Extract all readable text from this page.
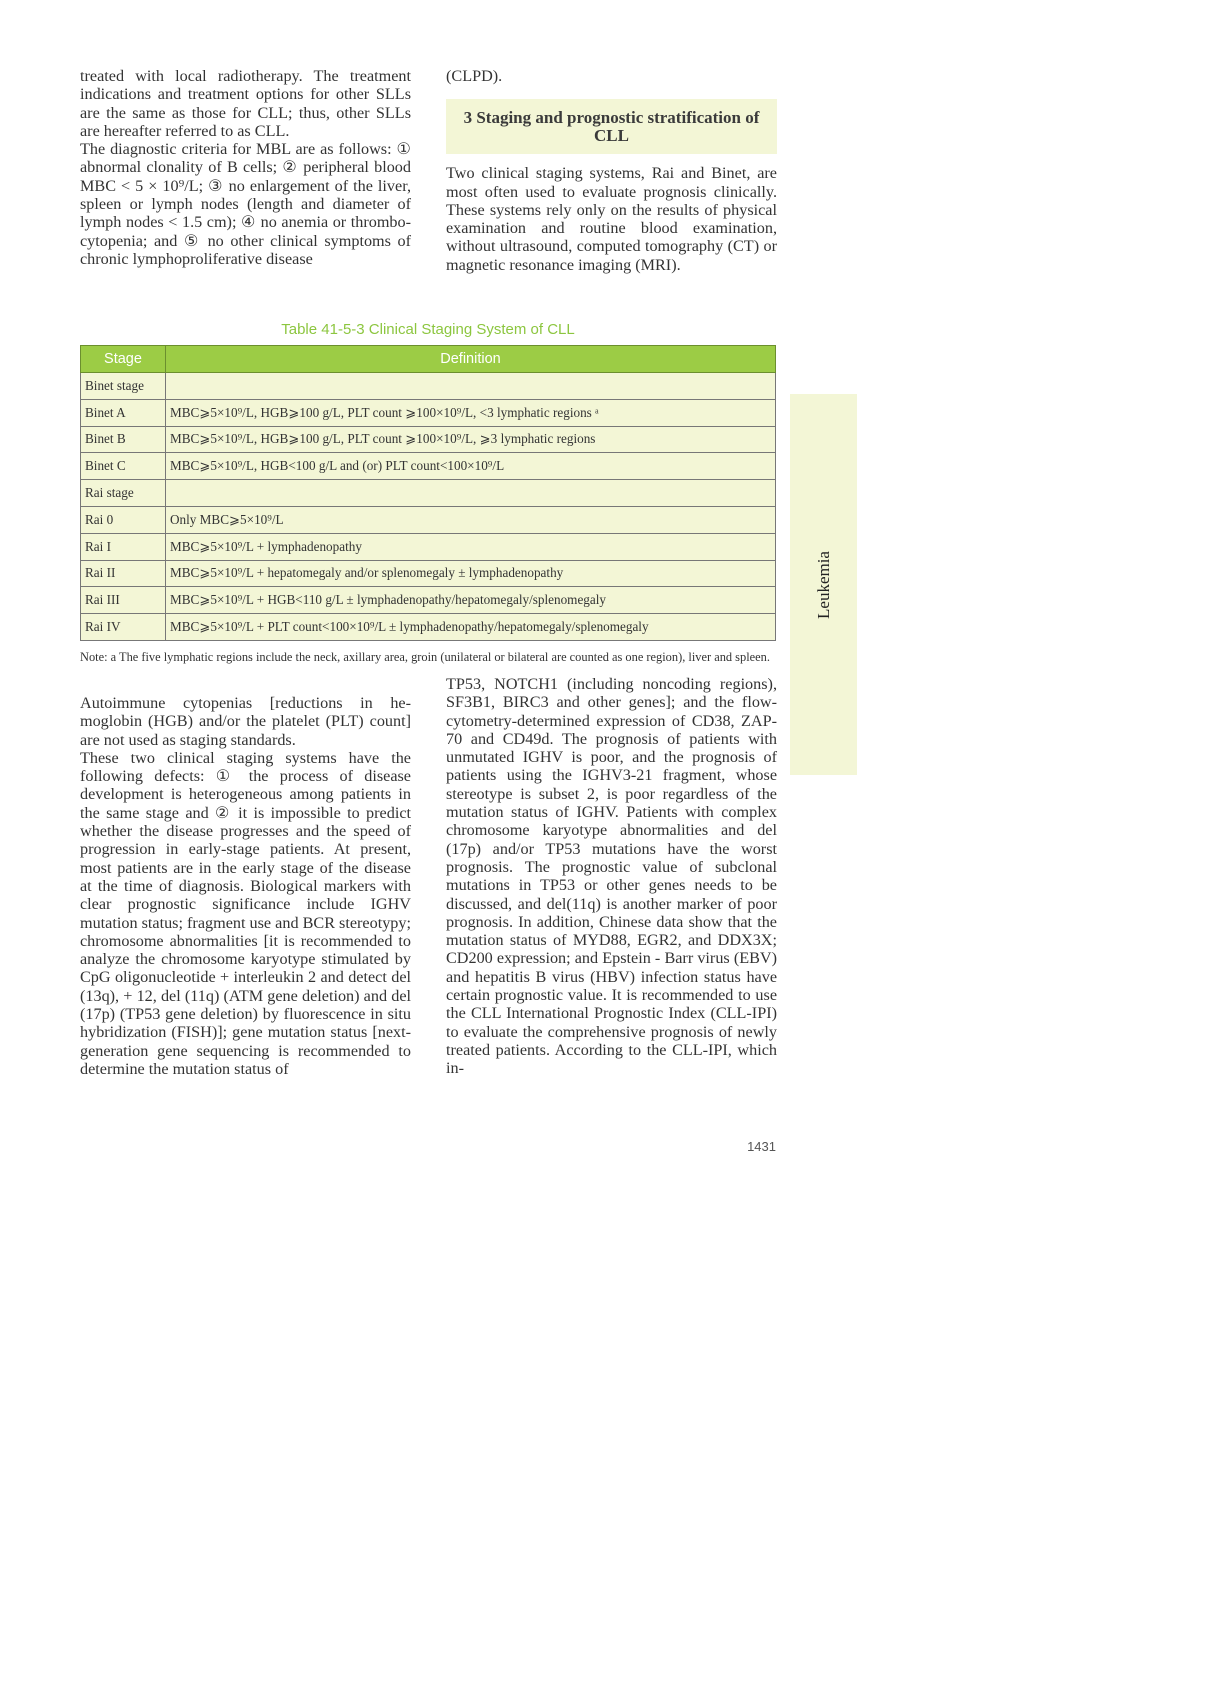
treated with local radiotherapy. The treatment indications and treatment options for other SLLs are the same as those for CLL; thus, other SLLs are hereafter referred to as CLL.

The diagnostic criteria for MBL are as follows: ① abnormal clonality of B cells; ② peripheral blood MBC < 5 × 10⁹/L; ③ no enlargement of the liver, spleen or lymph nodes (length and diameter of lymph nodes < 1.5 cm); ④ no anemia or thrombocytopenia; and ⑤ no other clinical symptoms of chronic lymphoproliferative disease

(CLPD).

3 Staging and prognostic stratification of CLL

Two clinical staging systems, Rai and Binet, are most often used to evaluate prognosis clinically. These systems rely only on the results of physical examination and routine blood examination, without ultrasound, computed tomography (CT) or magnetic resonance imaging (MRI).

Table 41-5-3 Clinical Staging System of CLL
Stage	Definition
Binet stage	
Binet A	MBC⩾5×10⁹/L, HGB⩾100 g/L, PLT count ⩾100×10⁹/L, <3 lymphatic regions ᵃ
Binet B	MBC⩾5×10⁹/L, HGB⩾100 g/L, PLT count ⩾100×10⁹/L, ⩾3 lymphatic regions
Binet C	MBC⩾5×10⁹/L, HGB<100 g/L and (or) PLT count<100×10⁹/L
Rai stage	
Rai 0	Only MBC⩾5×10⁹/L
Rai I	MBC⩾5×10⁹/L + lymphadenopathy
Rai II	MBC⩾5×10⁹/L + hepatomegaly and/or splenomegaly ± lymphadenopathy
Rai III	MBC⩾5×10⁹/L + HGB<110 g/L ± lymphadenopathy/hepatomegaly/splenomegaly
Rai IV	MBC⩾5×10⁹/L + PLT count<100×10⁹/L ± lymphadenopathy/hepatomegaly/splenomegaly
Note: a The five lymphatic regions include the neck, axillary area, groin (unilateral or bilateral are counted as one region), liver and spleen.

Autoimmune cytopenias [reductions in hemoglobin (HGB) and/or the platelet (PLT) count] are not used as staging standards.

These two clinical staging systems have the following defects: ① the process of disease development is heterogeneous among patients in the same stage and ② it is impossible to predict whether the disease progresses and the speed of progression in early-stage patients. At present, most patients are in the early stage of the disease at the time of diagnosis. Biological markers with clear prognostic significance include IGHV mutation status; fragment use and BCR stereotypy; chromosome abnormalities [it is recommended to analyze the chromosome karyotype stimulated by CpG oligonucleotide + interleukin 2 and detect del (13q), + 12, del (11q) (ATM gene deletion) and del (17p) (TP53 gene deletion) by fluorescence in situ hybridization (FISH)]; gene mutation status [next-generation gene sequencing is recommended to determine the mutation status of

TP53, NOTCH1 (including noncoding regions), SF3B1, BIRC3 and other genes]; and the flow-cytometry-determined expression of CD38, ZAP-70 and CD49d. The prognosis of patients with unmutated IGHV is poor, and the prognosis of patients using the IGHV3-21 fragment, whose stereotype is subset 2, is poor regardless of the mutation status of IGHV. Patients with complex chromosome karyotype abnormalities and del (17p) and/or TP53 mutations have the worst prognosis. The prognostic value of subclonal mutations in TP53 or other genes needs to be discussed, and del(11q) is another marker of poor prognosis. In addition, Chinese data show that the mutation status of MYD88, EGR2, and DDX3X; CD200 expression; and Epstein - Barr virus (EBV) and hepatitis B virus (HBV) infection status have certain prognostic value. It is recommended to use the CLL International Prognostic Index (CLL-IPI) to evaluate the comprehensive prognosis of newly treated patients. According to the CLL-IPI, which in-

Leukemia
1431
